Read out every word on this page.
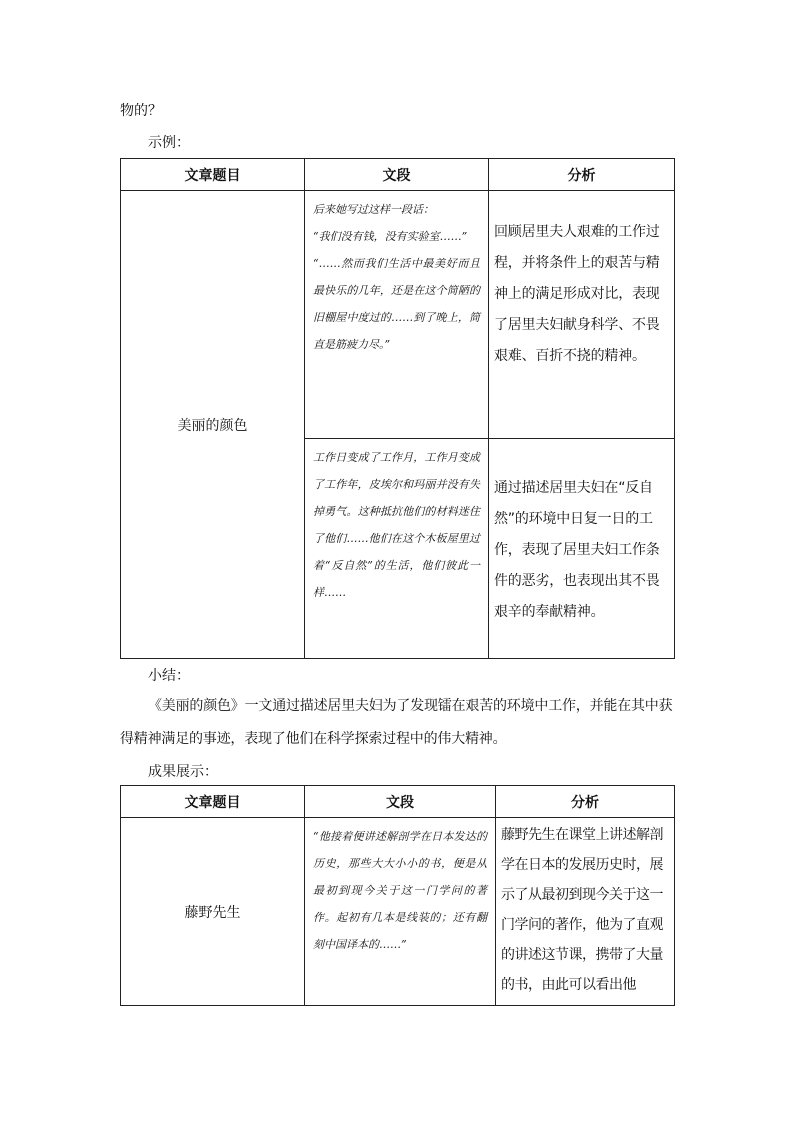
物的？

示例：

文章题目	文段	分析
美丽的颜色	后来她写过这样一段话：
“我们没有钱，没有实验室……”
“……然而我们生活中最美好而且最快乐的几年，还是在这个简陋的旧棚屋中度过的……到了晚上，简直是筋疲力尽。”	回顾居里夫人艰难的工作过程，并将条件上的艰苦与精神上的满足形成对比，表现了居里夫妇献身科学、不畏艰难、百折不挠的精神。

	工作日变成了工作月，工作月变成了工作年，皮埃尔和玛丽并没有失掉勇气。这种抵抗他们的材料迷住了他们……他们在这个木板屋里过着“反自然”的生活，他们彼此一样……	通过描述居里夫妇在“反自然”的环境中日复一日的工作，表现了居里夫妇工作条件的恶劣，也表现出其不畏艰辛的奉献精神。

小结：

《美丽的颜色》一文通过描述居里夫妇为了发现镭在艰苦的环境中工作，并能在其中获得精神满足的事迹，表现了他们在科学探索过程中的伟大精神。

成果展示：

文章题目	文段	分析
藤野先生	“他接着便讲述解剖学在日本发达的历史，那些大大小小的书，便是从最初到现今关于这一门学问的著作。起初有几本是线装的；还有翻刻中国译本的……”	藤野先生在课堂上讲述解剖学在日本的发展历史时，展示了从最初到现今关于这一门学问的著作，他为了直观的讲述这节课，携带了大量的书，由此可以看出他
